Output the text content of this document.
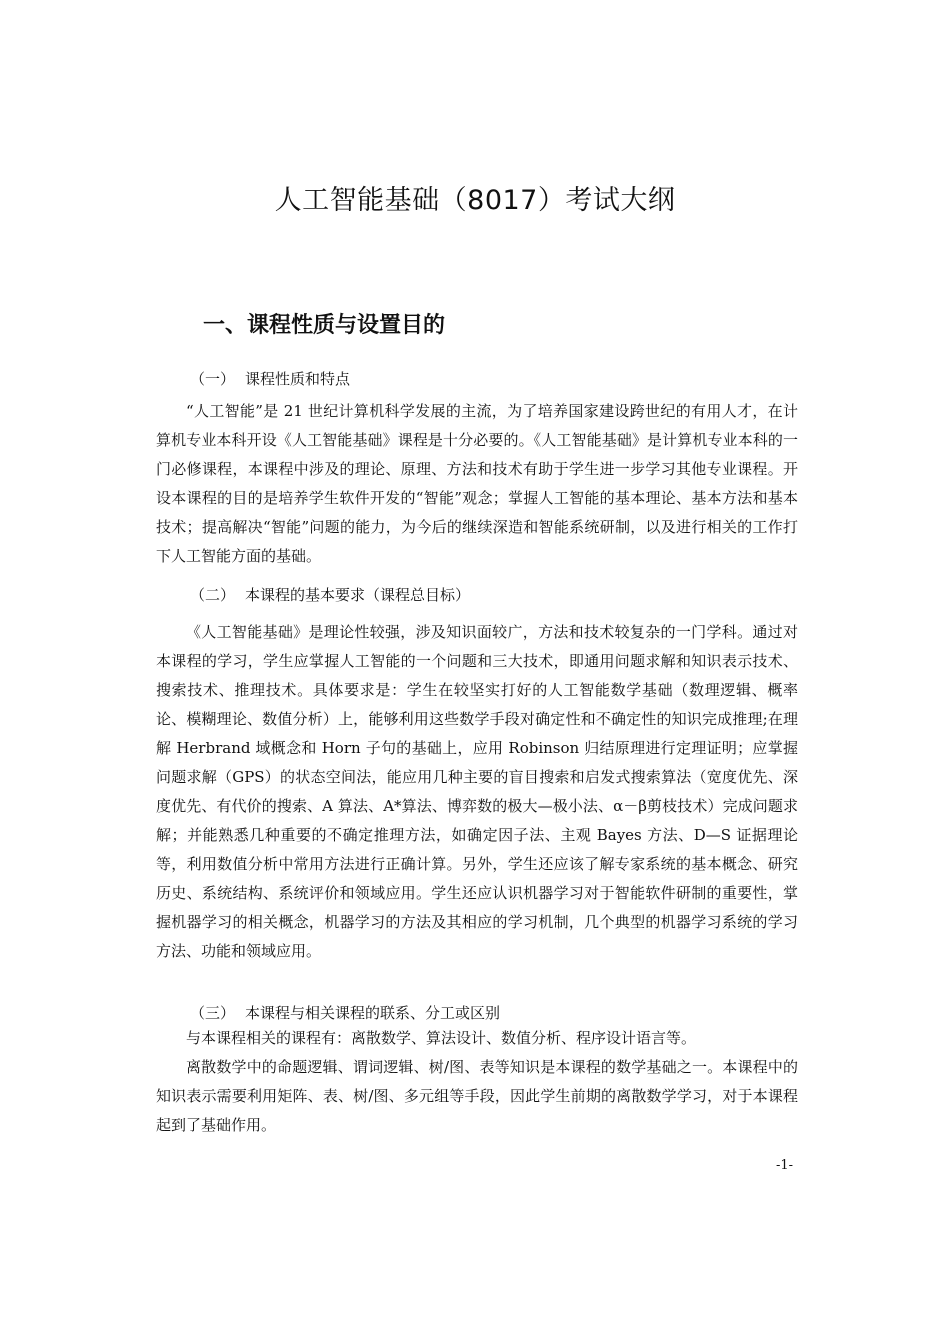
人工智能基础（8017）考试大纲
一、课程性质与设置目的
（一） 课程性质和特点

“人工智能”是 21 世纪计算机科学发展的主流，为了培养国家建设跨世纪的有用人才，在计算机专业本科开设《人工智能基础》课程是十分必要的。《人工智能基础》是计算机专业本科的一门必修课程，本课程中涉及的理论、原理、方法和技术有助于学生进一步学习其他专业课程。开设本课程的目的是培养学生软件开发的“智能”观念；掌握人工智能的基本理论、基本方法和基本技术；提高解决“智能”问题的能力，为今后的继续深造和智能系统研制，以及进行相关的工作打下人工智能方面的基础。

（二） 本课程的基本要求（课程总目标）

《人工智能基础》是理论性较强，涉及知识面较广，方法和技术较复杂的一门学科。通过对本课程的学习，学生应掌握人工智能的一个问题和三大技术，即通用问题求解和知识表示技术、搜索技术、推理技术。具体要求是：学生在较坚实打好的人工智能数学基础（数理逻辑、概率论、模糊理论、数值分析）上，能够利用这些数学手段对确定性和不确定性的知识完成推理;在理解 Herbrand 域概念和 Horn 子句的基础上，应用 Robinson 归结原理进行定理证明；应掌握问题求解（GPS）的状态空间法，能应用几种主要的盲目搜索和启发式搜索算法（宽度优先、深度优先、有代价的搜索、A 算法、A*算法、博弈数的极大—极小法、α－β剪枝技术）完成问题求解；并能熟悉几种重要的不确定推理方法，如确定因子法、主观 Bayes 方法、D—S 证据理论等，利用数值分析中常用方法进行正确计算。另外，学生还应该了解专家系统的基本概念、研究历史、系统结构、系统评价和领域应用。学生还应认识机器学习对于智能软件研制的重要性，掌握机器学习的相关概念，机器学习的方法及其相应的学习机制，几个典型的机器学习系统的学习方法、功能和领域应用。

（三） 本课程与相关课程的联系、分工或区别

与本课程相关的课程有：离散数学、算法设计、数值分析、程序设计语言等。

离散数学中的命题逻辑、谓词逻辑、树/图、表等知识是本课程的数学基础之一。本课程中的知识表示需要利用矩阵、表、树/图、多元组等手段，因此学生前期的离散数学学习，对于本课程起到了基础作用。

-1-
